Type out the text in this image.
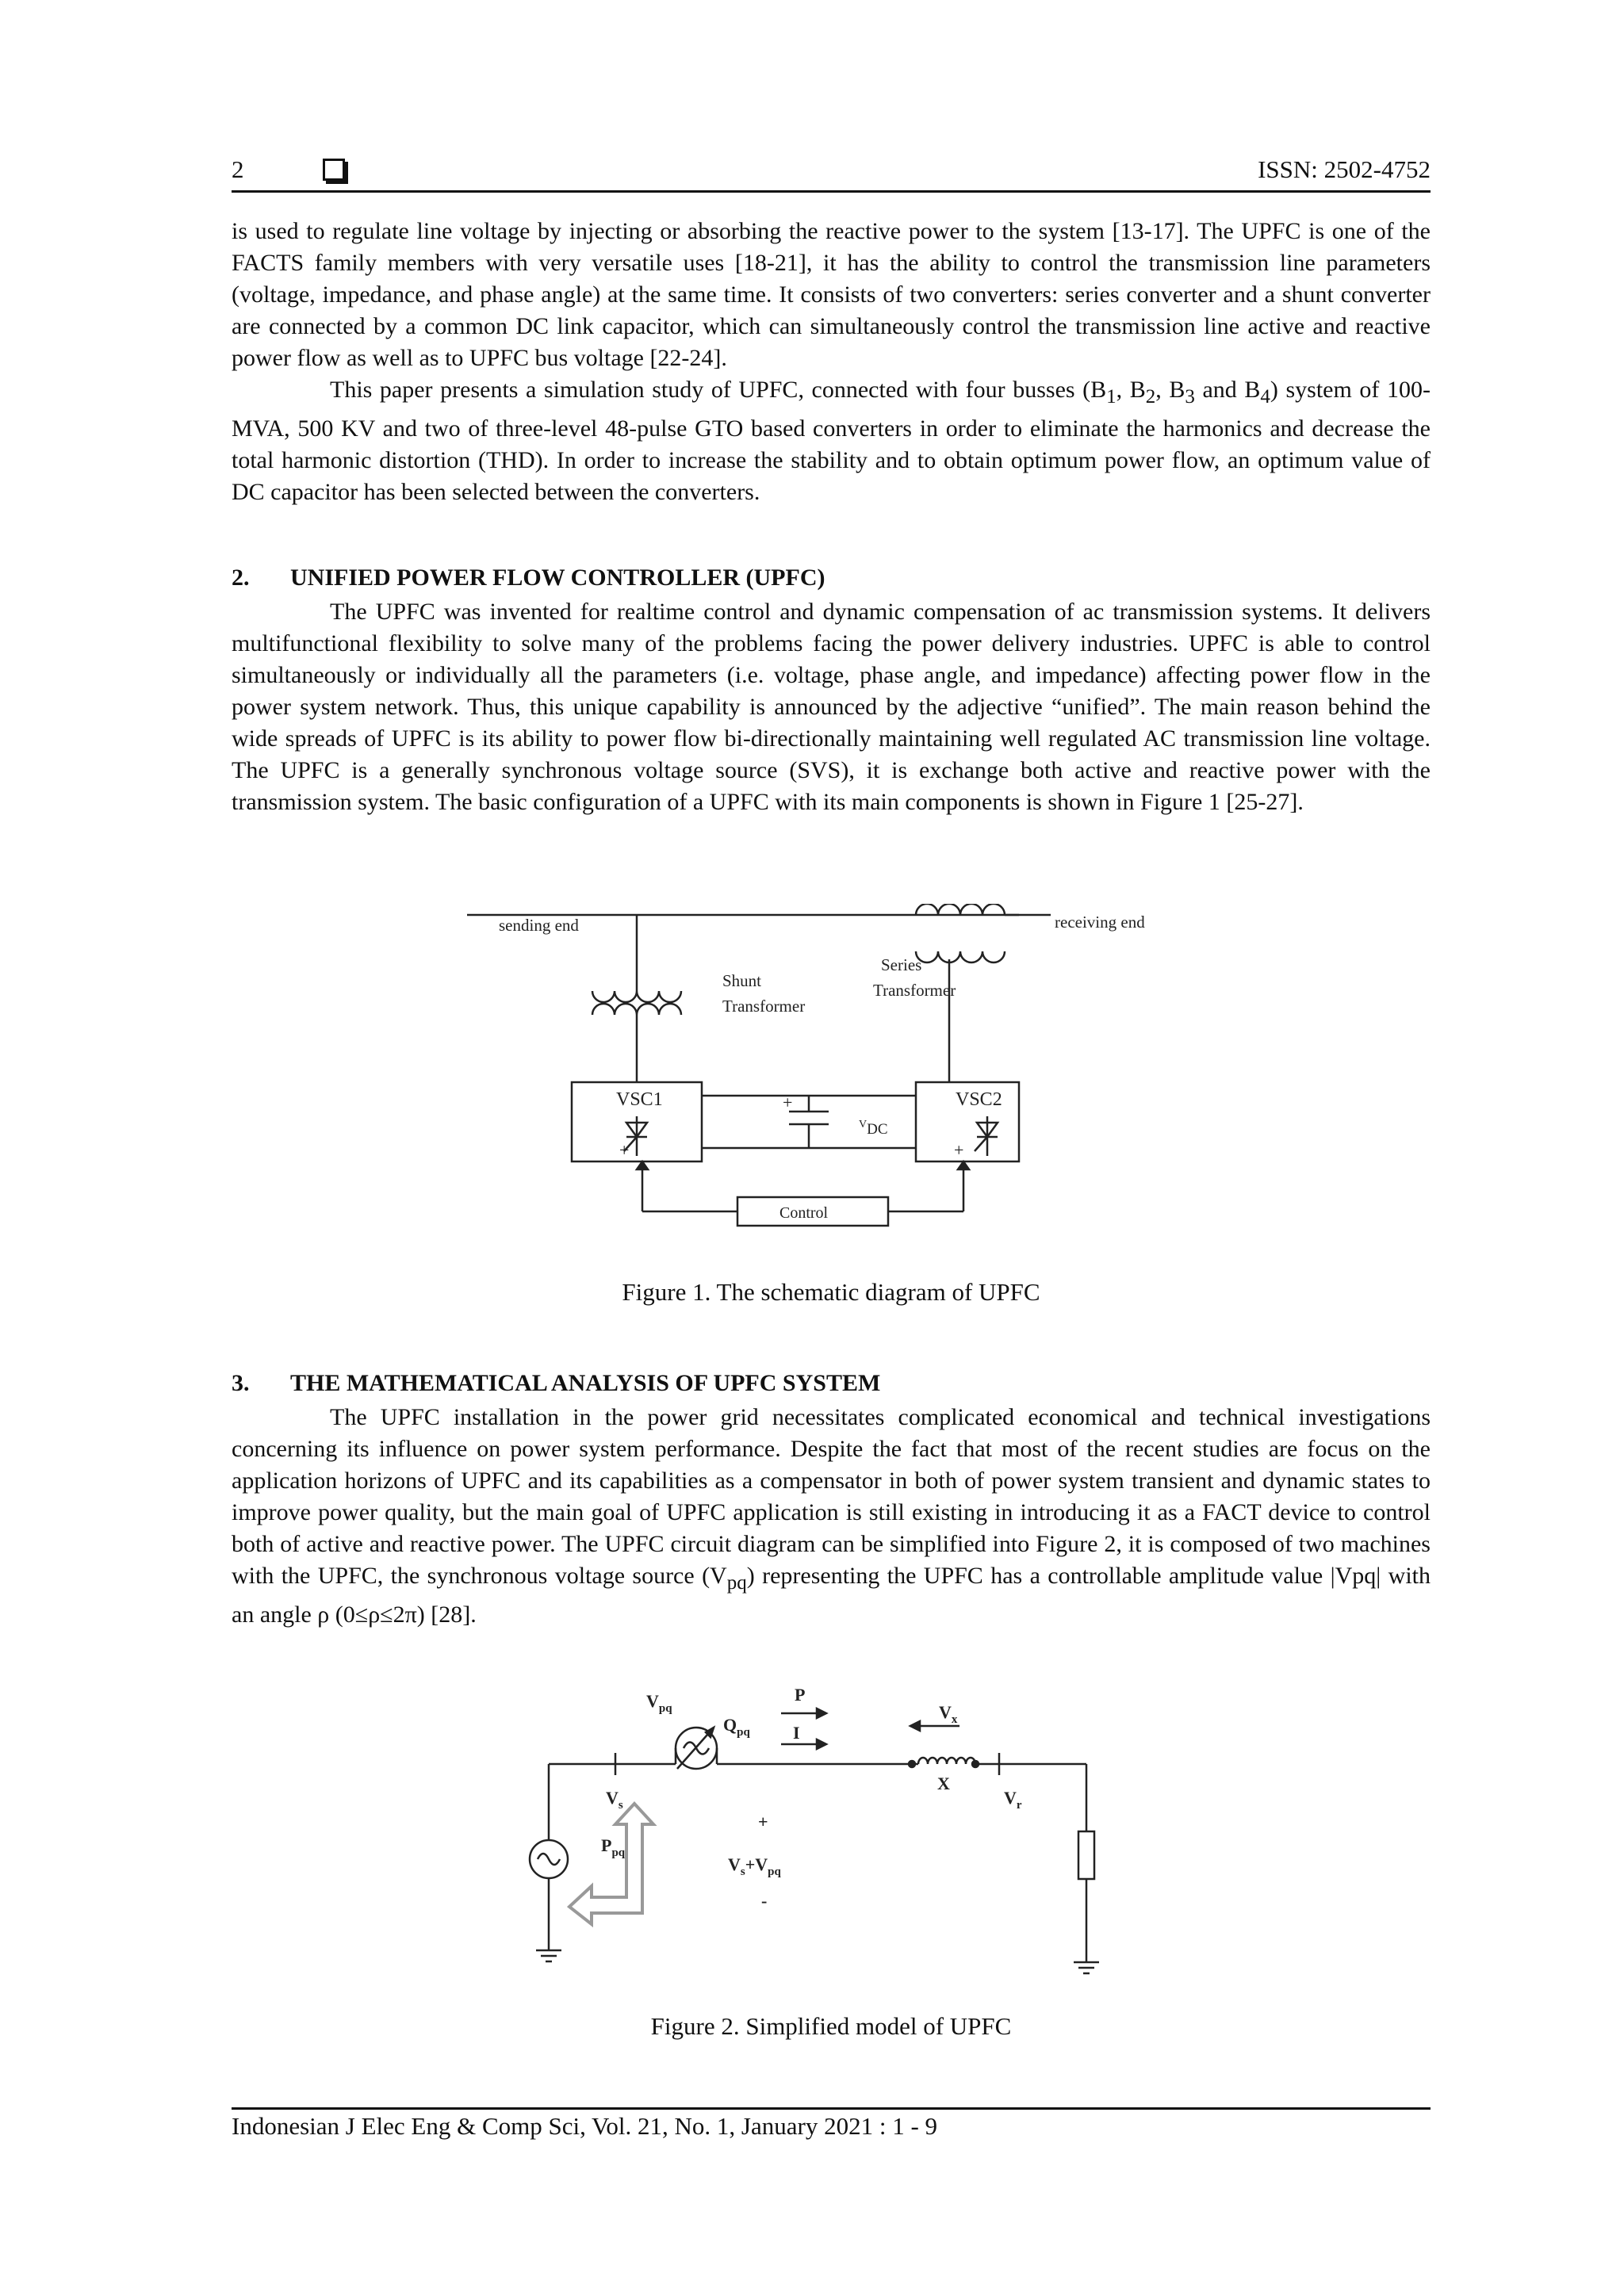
2	ISSN: 2502-4752

is used to regulate line voltage by injecting or absorbing the reactive power to the system [13-17]. The UPFC is one of the FACTS family members with very versatile uses [18-21], it has the ability to control the transmission line parameters (voltage, impedance, and phase angle) at the same time. It consists of two converters: series converter and a shunt converter are connected by a common DC link capacitor, which can simultaneously control the transmission line active and reactive power flow as well as to UPFC bus voltage [22-24].

This paper presents a simulation study of UPFC, connected with four busses ($B_1$, $B_2$, $B_3$ and $B_4$) system of 100-MVA, 500 KV and two of three-level 48-pulse GTO based converters in order to eliminate the harmonics and decrease the total harmonic distortion (THD). In order to increase the stability and to obtain optimum power flow, an optimum value of DC capacitor has been selected between the converters.

2. UNIFIED POWER FLOW CONTROLLER (UPFC)

The UPFC was invented for realtime control and dynamic compensation of ac transmission systems. It delivers multifunctional flexibility to solve many of the problems facing the power delivery industries. UPFC is able to control simultaneously or individually all the parameters (i.e. voltage, phase angle, and impedance) affecting power flow in the power system network. Thus, this unique capability is announced by the adjective “unified”. The main reason behind the wide spreads of UPFC is its ability to power flow bi-directionally maintaining well regulated AC transmission line voltage. The UPFC is a generally synchronous voltage source (SVS), it is exchange both active and reactive power with the transmission system. The basic configuration of a UPFC with its main components is shown in Figure 1 [25-27].

sending end	receiving end
Shunt
Transformer
Series
Transformer
VSC1	VSC2
+	+
+
VDC
Control
Figure 1. The schematic diagram of UPFC
3. THE MATHEMATICAL ANALYSIS OF UPFC SYSTEM

The UPFC installation in the power grid necessitates complicated economical and technical investigations concerning its influence on power system performance. Despite the fact that most of the recent studies are focus on the application horizons of UPFC and its capabilities as a compensator in both of power system transient and dynamic states to improve power quality, but the main goal of UPFC application is still existing in introducing it as a FACT device to control both of active and reactive power. The UPFC circuit diagram can be simplified into Figure 2, it is composed of two machines with the UPFC, the synchronous voltage source $(V_{pq})$ representing the UPFC has a controllable amplitude value |Vpq| with an angle ρ (0≤ρ≤2π) [28].

$V_{pq}$
P
I
$Q_{pq}$
$V_x$
X
$V_s$	$V_r$
$P_{pq}$
+
$V_s+V_{pq}$
-
Figure 2. Simplified model of UPFC
Indonesian J Elec Eng & Comp Sci, Vol. 21, No. 1, January 2021 : 1 - 9
